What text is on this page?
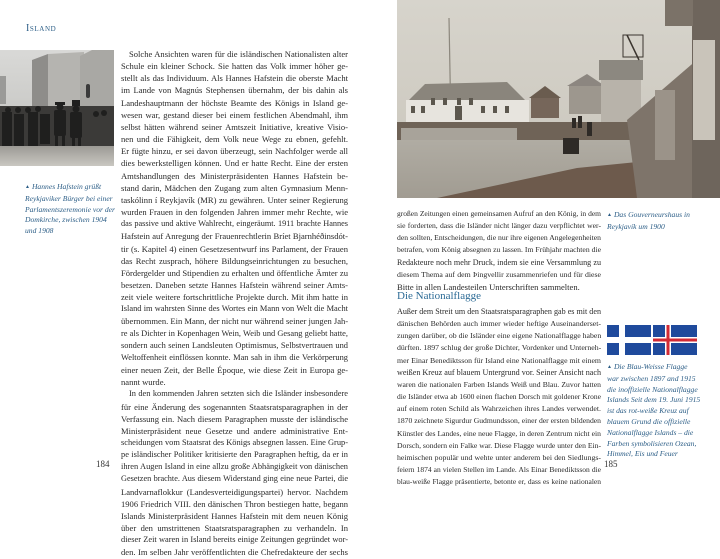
Island
▲ Hannes Hafstein grüßt
Reykjaviker Bürger bei einer
Parlamentszeremonie vor der
Domkirche, zwischen 1904
und 1908
Solche Ansichten waren für die isländischen Nationalisten alter
Schule ein kleiner Schock. Sie hatten das Volk immer höher ge-
stellt als das Individuum. Als Hannes Hafstein die oberste Macht
im Lande von Magnús Stephensen übernahm, der bis dahin als
Landeshauptmann der höchste Beamte des Königs in Island ge-
wesen war, gestand dieser bei einem festlichen Abendmahl, ihm
selbst hätten während seiner Amtszeit Initiative, kreative Visio-
nen und die Fähigkeit, dem Volk neue Wege zu ebnen, gefehlt.
Er fügte hinzu, er sei davon überzeugt, sein Nachfolger werde all
dies bewerkstelligen können. Und er hatte Recht. Eine der ersten
Amtshandlungen des Ministerpräsidenten Hannes Hafstein be-
stand darin, Mädchen den Zugang zum alten Gymnasium Menn-
taskólinn í Reykjavík (MR) zu gewähren. Unter seiner Regierung
wurden Frauen in den folgenden Jahren immer mehr Rechte, wie
das passive und aktive Wahlrecht, eingeräumt. 1911 brachte Hannes
Hafstein auf Anregung der Frauenrechtlerin Bríet Bjarnhéðinsdót-
tir (s. Kapitel 4) einen Gesetzesentwurf ins Parlament, der Frauen
das Recht zusprach, höhere Bildungseinrichtungen zu besuchen,
Fördergelder und Stipendien zu erhalten und öffentliche Ämter zu
besetzen. Daneben setzte Hannes Hafstein während seiner Amts-
zeit viele weitere fortschrittliche Projekte durch. Mit ihm hatte in
Island im wahrsten Sinne des Wortes ein Mann von Welt die Macht
übernommen. Ein Mann, der nicht nur während seiner jungen Jah-
re als Dichter in Kopenhagen Wein, Weib und Gesang geliebt hatte,
sondern auch seinen Landsleuten Optimismus, Selbstvertrauen und
Weltoffenheit einflössen konnte. Man sah in ihm die Verkörperung
einer neuen Zeit, der Belle Époque, wie diese Zeit in Europa ge-
nannt wurde.
In den kommenden Jahren setzten sich die Isländer insbesondere
für eine Änderung des sogenannten Staatsratsparagraphen in der
Verfassung ein. Nach diesem Paragraphen musste der isländische
Ministerpräsident neue Gesetze und andere administrative Ent-
scheidungen vom Staatsrat des Königs absegnen lassen. Eine Grup-
pe isländischer Politiker kritisierte den Paragraphen heftig, da er in
ihren Augen Island in eine allzu große Abhängigkeit von dänischen
Gesetzen brachte. Aus diesem Widerstand ging eine neue Partei, die
Landvarnaflokkur (Landesverteidigungspartei) hervor. Nachdem
1906 Friedrich VIII. den dänischen Thron bestiegen hatte, begann
Islands Ministerpräsident Hannes Hafstein mit dem neuen König
über den umstrittenen Staatsratsparagraphen zu verhandeln. In
dieser Zeit waren in Island bereits einige Zeitungen gegründet wor-
den. Im selben Jahr veröffentlichten die Chefredakteure der sechs
184
▲ Das Gouverneurshaus in
Reykjavík um 1900
großen Zeitungen einen gemeinsamen Aufruf an den König, in dem
sie forderten, dass die Isländer nicht länger dazu verpflichtet wer-
den sollten, Entscheidungen, die nur ihre eigenen Angelegenheiten
betrafen, vom König absegnen zu lassen. Im Frühjahr machten die
Redakteure noch mehr Druck, indem sie eine Versammlung zu
diesem Thema auf dem Þingvellir zusammenriefen und für diese
Bitte in allen Landesteilen Unterschriften sammelten.
Die Nationalflagge
Außer dem Streit um den Staatsratsparagraphen gab es mit den
dänischen Behörden auch immer wieder heftige Auseinanderset-
zungen darüber, ob die Isländer eine eigene Nationalflagge haben
dürften. 1897 schlug der große Dichter, Vordenker und Unterneh-
mer Einar Benediktsson für Island eine Nationalflagge mit einem
weißen Kreuz auf blauem Untergrund vor. Seiner Ansicht nach
waren die nationalen Farben Islands Weiß und Blau. Zuvor hatten
die Isländer etwa ab 1600 einen flachen Dorsch mit goldener Krone
auf einem roten Schild als Wahrzeichen ihres Landes verwendet.
1870 zeichnete Sigurdur Gudmundsson, einer der ersten bildenden
Künstler des Landes, eine neue Flagge, in deren Zentrum nicht ein
Dorsch, sondern ein Falke war. Diese Flagge wurde unter den Ein-
heimischen populär und wehte unter anderem bei den Siedlungs-
feiern 1874 an vielen Stellen im Lande. Als Einar Benediktsson die
blau-weiße Flagge präsentierte, betonte er, dass es keine nationalen
▲ Die Blau-Weisse Flagge
war zwischen 1897 and 1915
die inoffizielle Nationalflagge
Islands Seit dem 19. Juni 1915
ist das rot-weiße Kreuz auf
blauem Grund die offizielle
Nationalflagge Islands – die
Farben symbolisieren Ozean,
Himmel, Eis und Feuer
185
